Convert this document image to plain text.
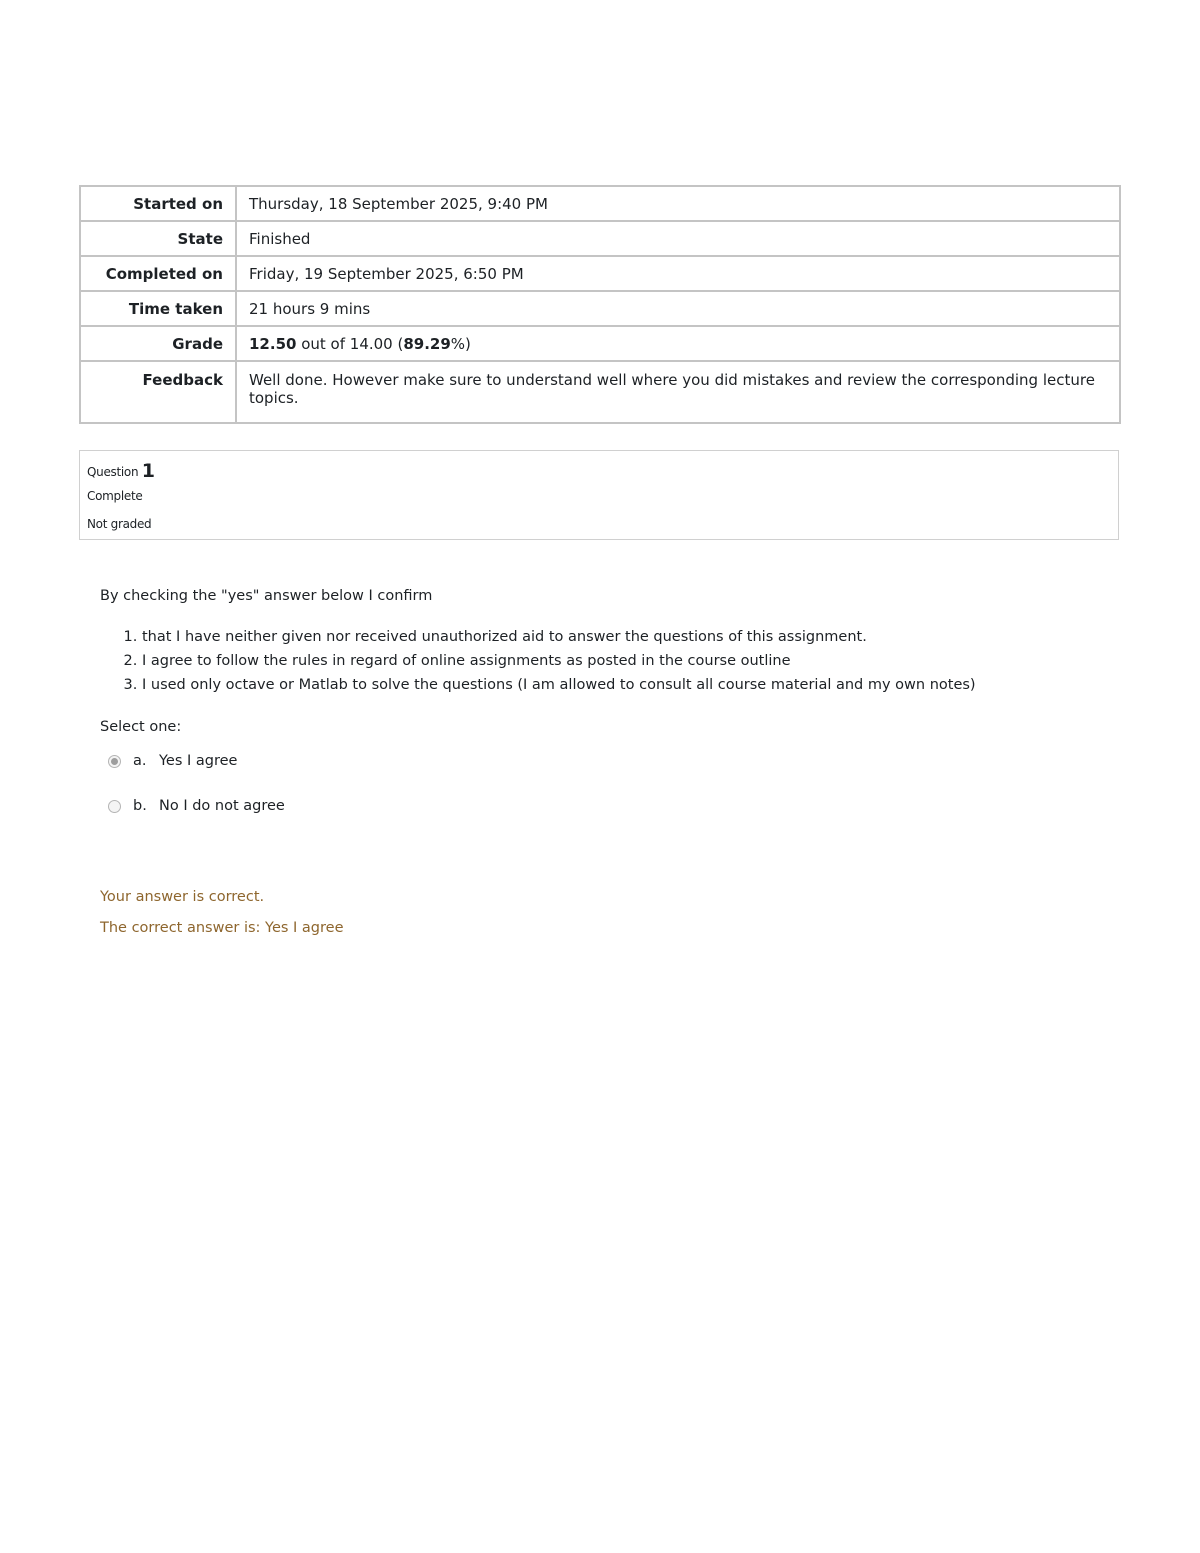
Started on	Thursday, 18 September 2025, 9:40 PM
State	Finished
Completed on	Friday, 19 September 2025, 6:50 PM
Time taken	21 hours 9 mins
Grade	12.50 out of 14.00 (89.29%)
Feedback	Well done. However make sure to understand well where you did mistakes and review the corresponding lecture topics.
Question 1
Complete
Not graded

By checking the "yes" answer below I confirm

1. that I have neither given nor received unauthorized aid to answer the questions of this assignment.
2. I agree to follow the rules in regard of online assignments as posted in the course outline
3. I used only octave or Matlab to solve the questions (I am allowed to consult all course material and my own notes)
Select one:
a. Yes I agree
b. No I do not agree
Your answer is correct.
The correct answer is: Yes I agree
